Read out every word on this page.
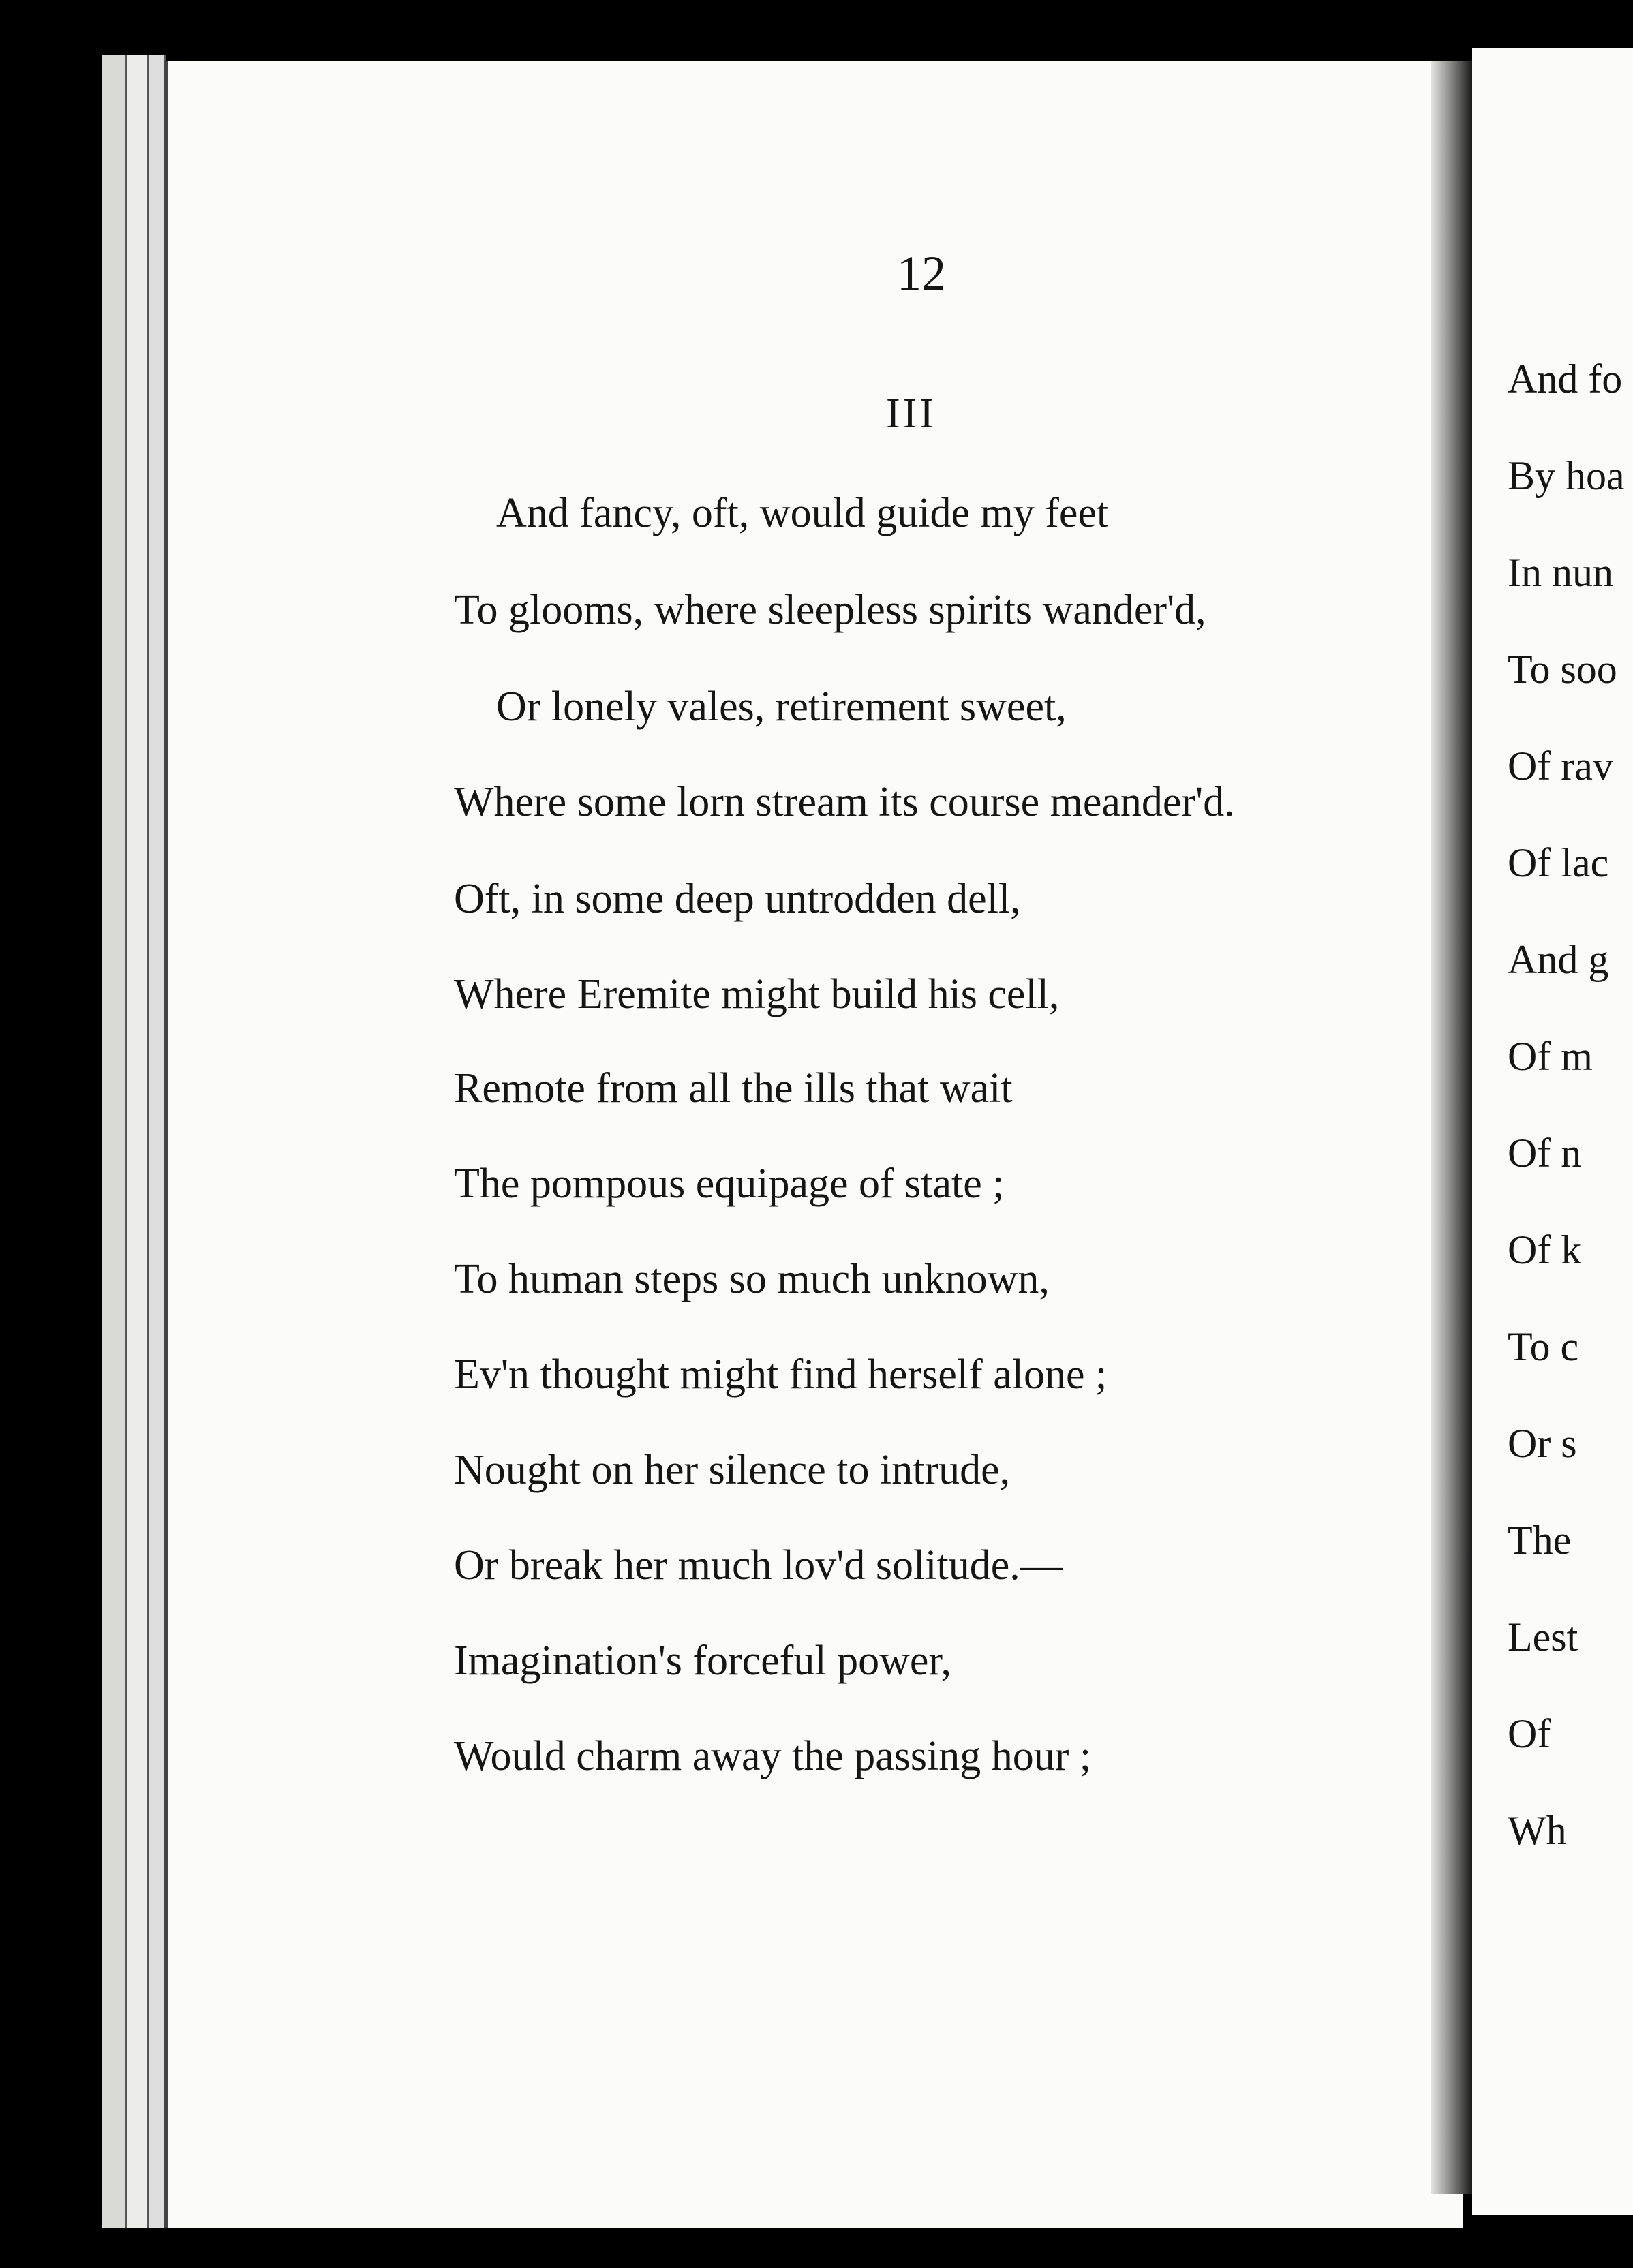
12

III

And fancy, oft, would guide my feet

To glooms, where sleepless spirits wander'd,

Or lonely vales, retirement sweet,

Where some lorn stream its course meander'd.

Oft, in some deep untrodden dell,

Where Eremite might build his cell,

Remote from all the ills that wait

The pompous equipage of state ;

To human steps so much unknown,

Ev'n thought might find herself alone ;

Nought on her silence to intrude,

Or break her much lov'd solitude.—

Imagination's forceful power,

Would charm away the passing hour ;

And fo

By hoa

In nun

To soo

Of rav

Of lac

And g

Of m

Of n

Of k

To c

Or s

The

Lest

Of

Wh
